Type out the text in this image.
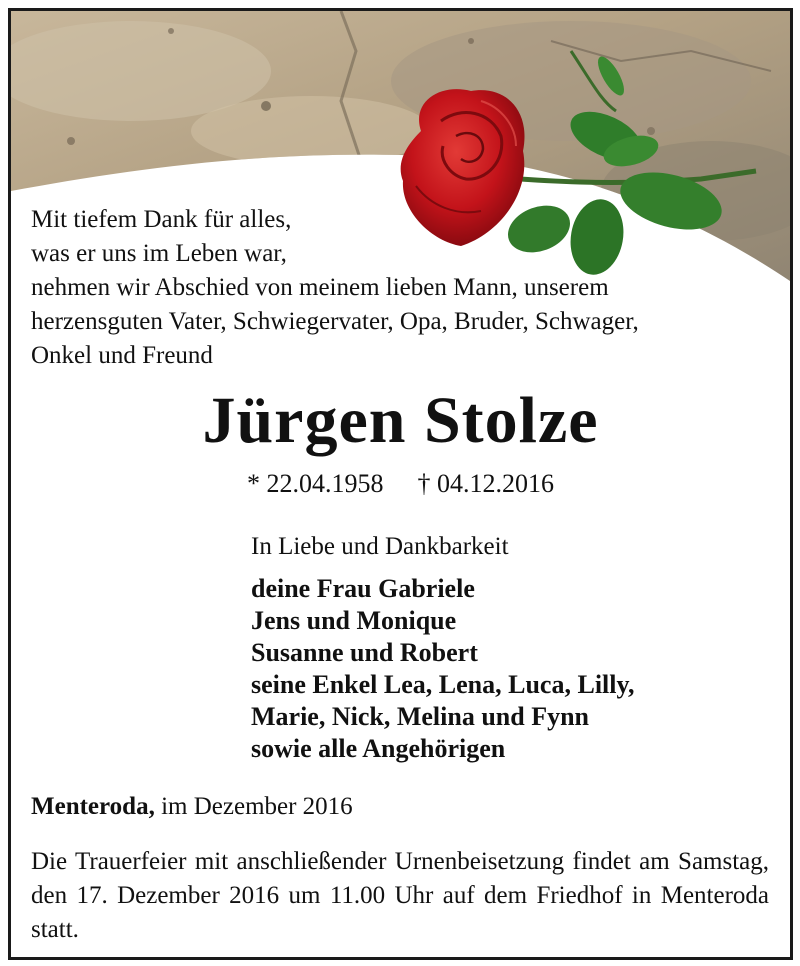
Mit tiefem Dank für alles,
was er uns im Leben war,
nehmen wir Abschied von meinem lieben Mann, unserem
herzensguten Vater, Schwiegervater, Opa, Bruder, Schwager,
Onkel und Freund

Jürgen Stolze

* 22.04.1958 † 04.12.2016

In Liebe und Dankbarkeit

deine Frau Gabriele
Jens und Monique
Susanne und Robert
seine Enkel Lea, Lena, Luca, Lilly,
Marie, Nick, Melina und Fynn
sowie alle Angehörigen

Menteroda, im Dezember 2016

Die Trauerfeier mit anschließender Urnenbeisetzung findet am Samstag, den 17. Dezember 2016 um 11.00 Uhr auf dem Friedhof in Menteroda statt.
